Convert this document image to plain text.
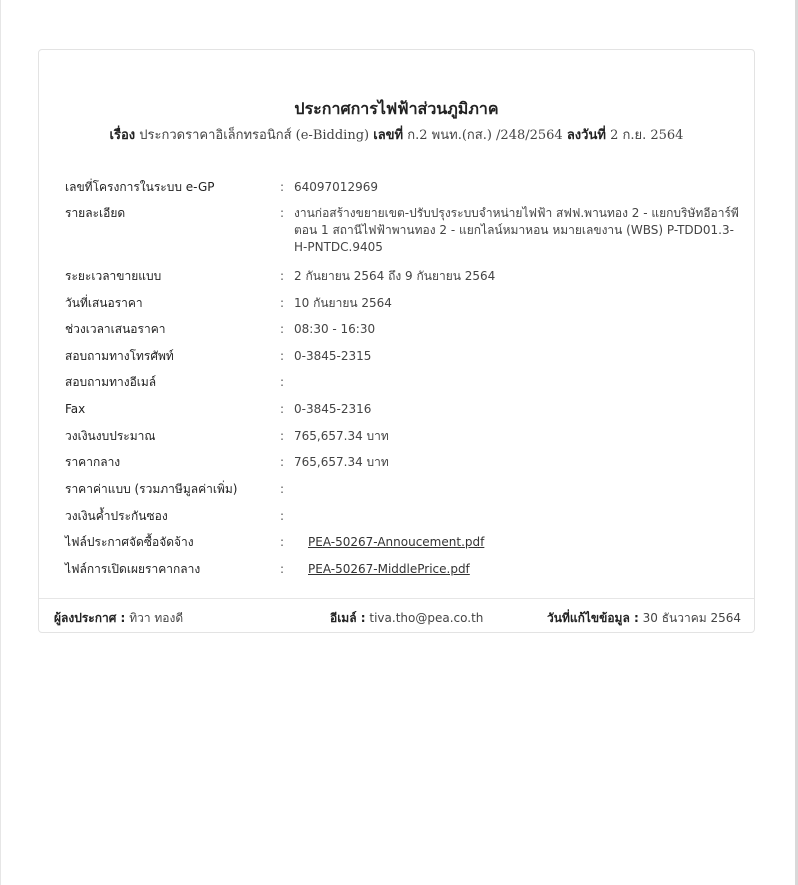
ประกาศการไฟฟ้าส่วนภูมิภาค
เรื่อง ประกวดราคาอิเล็กทรอนิกส์ (e-Bidding) เลขที่ ก.2 พนท.(กส.) /248/2564 ลงวันที่ 2 ก.ย. 2564
เลขที่โครงการในระบบ e-GP	: 64097012969
รายละเอียด	: งานก่อสร้างขยายเขต-ปรับปรุงระบบจำหน่ายไฟฟ้า สฟฟ.พานทอง 2 - แยกบริษัทอีอาร์พี ตอน 1 สถานีไฟฟ้าพานทอง 2 - แยกไลน์หมาหอน หมายเลขงาน (WBS) P-TDD01.3-H-PNTDC.9405
ระยะเวลาขายแบบ	: 2 กันยายน 2564 ถึง 9 กันยายน 2564
วันที่เสนอราคา	: 10 กันยายน 2564
ช่วงเวลาเสนอราคา	: 08:30 - 16:30
สอบถามทางโทรศัพท์	: 0-3845-2315
สอบถามทางอีเมล์	:
Fax	: 0-3845-2316
วงเงินงบประมาณ	: 765,657.34 บาท
ราคากลาง	: 765,657.34 บาท
ราคาค่าแบบ (รวมภาษีมูลค่าเพิ่ม)	:
วงเงินค้ำประกันซอง	:
ไฟล์ประกาศจัดซื้อจัดจ้าง	:	PEA-50267-Annoucement.pdf
ไฟล์การเปิดเผยราคากลาง	:	PEA-50267-MiddlePrice.pdf
ผู้ลงประกาศ : ทิวา ทองดี	อีเมล์ : tiva.tho@pea.co.th	วันที่แก้ไขข้อมูล : 30 ธันวาคม 2564
